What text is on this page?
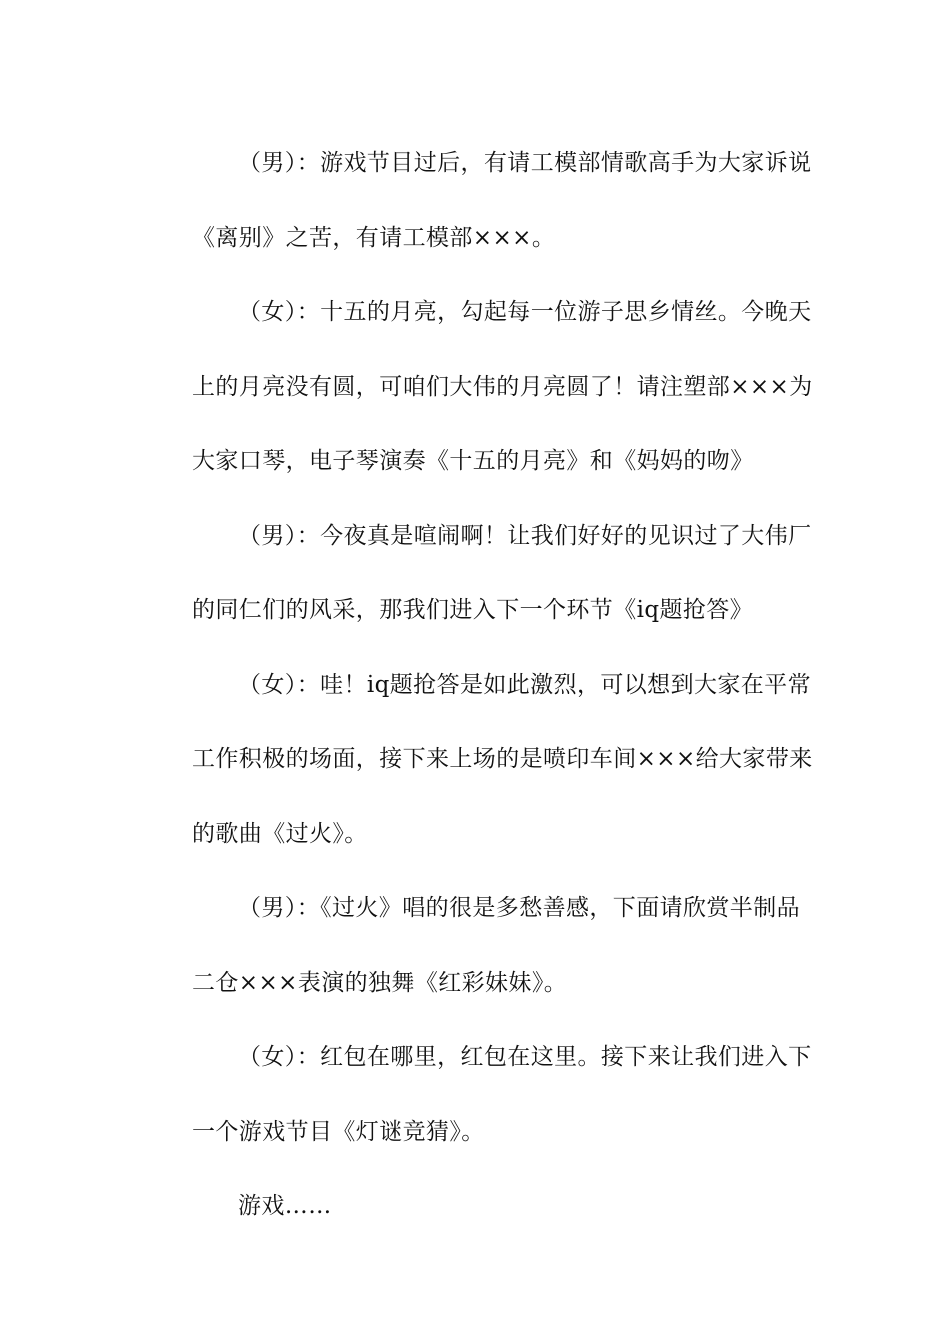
（男）：游戏节目过后，有请工模部情歌高手为大家诉说
《离别》之苦，有请工模部×××。
（女）：十五的月亮，勾起每一位游子思乡情丝。今晚天
上的月亮没有圆，可咱们大伟的月亮圆了！请注塑部×××为
大家口琴，电子琴演奏《十五的月亮》和《妈妈的吻》
（男）：今夜真是喧闹啊！让我们好好的见识过了大伟厂
的同仁们的风采，那我们进入下一个环节《iq题抢答》
（女）：哇！iq题抢答是如此激烈，可以想到大家在平常
工作积极的场面，接下来上场的是喷印车间×××给大家带来
的歌曲《过火》。
（男）：《过火》唱的很是多愁善感，下面请欣赏半制品
二仓×××表演的独舞《红彩妹妹》。
（女）：红包在哪里，红包在这里。接下来让我们进入下
一个游戏节目《灯谜竞猜》。
游戏……
